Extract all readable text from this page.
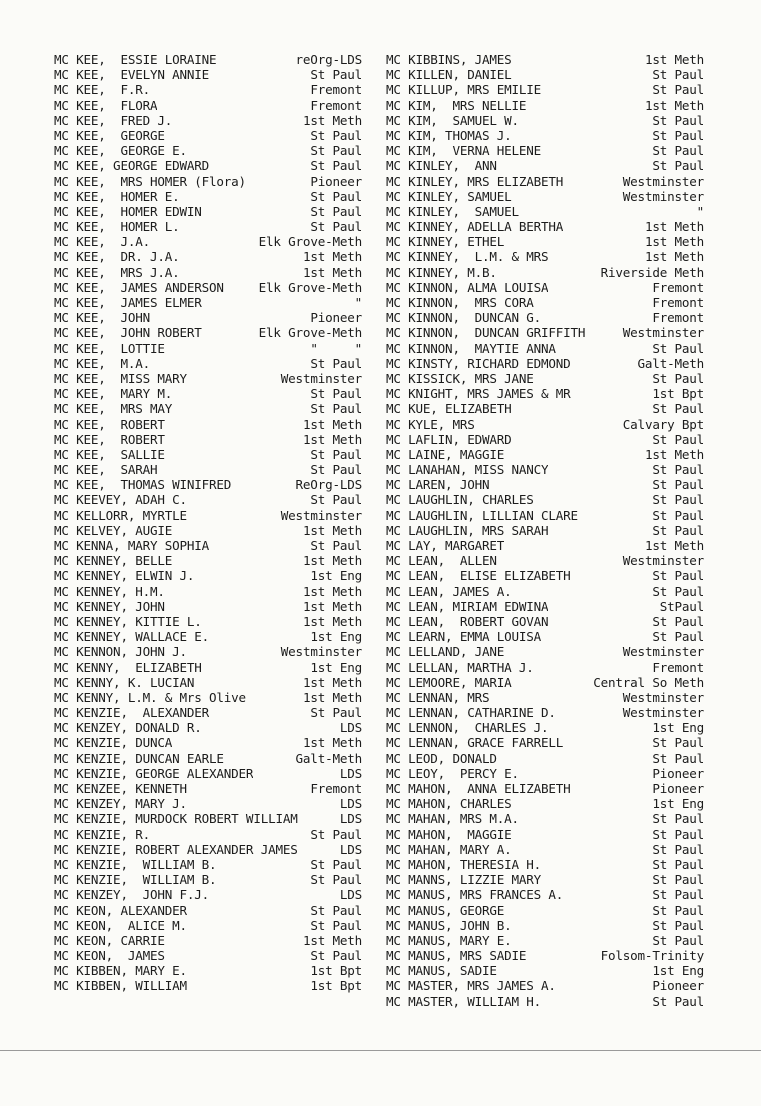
MC KEE,  ESSIE LORAINE	reOrg-LDS
MC KEE,  EVELYN ANNIE	St Paul
MC KEE,  F.R.	Fremont
MC KEE,  FLORA	Fremont
MC KEE,  FRED J.	1st Meth
MC KEE,  GEORGE	St Paul
MC KEE,  GEORGE E.	St Paul
MC KEE, GEORGE EDWARD	St Paul
MC KEE,  MRS HOMER (Flora)	Pioneer
MC KEE,  HOMER E.	St Paul
MC KEE,  HOMER EDWIN	St Paul
MC KEE,  HOMER L.	St Paul
MC KEE,  J.A.	Elk Grove-Meth
MC KEE,  DR. J.A.	1st Meth
MC KEE,  MRS J.A.	1st Meth
MC KEE,  JAMES ANDERSON	Elk Grove-Meth
MC KEE,  JAMES ELMER	"
MC KEE,  JOHN	Pioneer
MC KEE,  JOHN ROBERT	Elk Grove-Meth
MC KEE,  LOTTIE	"     "
MC KEE,  M.A.	St Paul
MC KEE,  MISS MARY	Westminster
MC KEE,  MARY M.	St Paul
MC KEE,  MRS MAY	St Paul
MC KEE,  ROBERT	1st Meth
MC KEE,  ROBERT	1st Meth
MC KEE,  SALLIE	St Paul
MC KEE,  SARAH	St Paul
MC KEE,  THOMAS WINIFRED	ReOrg-LDS
MC KEEVEY, ADAH C.	St Paul
MC KELLORR, MYRTLE	Westminster
MC KELVEY, AUGIE	1st Meth
MC KENNA, MARY SOPHIA	St Paul
MC KENNEY, BELLE	1st Meth
MC KENNEY, ELWIN J.	1st Eng
MC KENNEY, H.M.	1st Meth
MC KENNEY, JOHN	1st Meth
MC KENNEY, KITTIE L.	1st Meth
MC KENNEY, WALLACE E.	1st Eng
MC KENNON, JOHN J.	Westminster
MC KENNY,  ELIZABETH	1st Eng
MC KENNY, K. LUCIAN	1st Meth
MC KENNY, L.M. & Mrs Olive	1st Meth
MC KENZIE,  ALEXANDER	St Paul
MC KENZEY, DONALD R.	LDS
MC KENZIE, DUNCA	1st Meth
MC KENZIE, DUNCAN EARLE	Galt-Meth
MC KENZIE, GEORGE ALEXANDER	LDS
MC KENZEE, KENNETH	Fremont
MC KENZEY, MARY J.	LDS
MC KENZIE, MURDOCK ROBERT WILLIAM	LDS
MC KENZIE, R.	St Paul
MC KENZIE, ROBERT ALEXANDER JAMES	LDS
MC KENZIE,  WILLIAM B.	St Paul
MC KENZIE,  WILLIAM B.	St Paul
MC KENZEY,  JOHN F.J.	LDS
MC KEON, ALEXANDER	St Paul
MC KEON,  ALICE M.	St Paul
MC KEON, CARRIE	1st Meth
MC KEON,  JAMES	St Paul
MC KIBBEN, MARY E.	1st Bpt
MC KIBBEN, WILLIAM	1st Bpt
MC KIBBINS, JAMES	1st Meth
MC KILLEN, DANIEL	St Paul
MC KILLUP, MRS EMILIE	St Paul
MC KIM,  MRS NELLIE	1st Meth
MC KIM,  SAMUEL W.	St Paul
MC KIM, THOMAS J.	St Paul
MC KIM,  VERNA HELENE	St Paul
MC KINLEY,  ANN	St Paul
MC KINLEY, MRS ELIZABETH	Westminster
MC KINLEY, SAMUEL	Westminster
MC KINLEY,  SAMUEL	"
MC KINNEY, ADELLA BERTHA	1st Meth
MC KINNEY, ETHEL	1st Meth
MC KINNEY,  L.M. & MRS	1st Meth
MC KINNEY, M.B.	Riverside Meth
MC KINNON, ALMA LOUISA	Fremont
MC KINNON,  MRS CORA	Fremont
MC KINNON,  DUNCAN G.	Fremont
MC KINNON,  DUNCAN GRIFFITH	Westminster
MC KINNON,  MAYTIE ANNA	St Paul
MC KINSTY, RICHARD EDMOND	Galt-Meth
MC KISSICK, MRS JANE	St Paul
MC KNIGHT, MRS JAMES & MR	1st Bpt
MC KUE, ELIZABETH	St Paul
MC KYLE, MRS	Calvary Bpt
MC LAFLIN, EDWARD	St Paul
MC LAINE, MAGGIE	1st Meth
MC LANAHAN, MISS NANCY	St Paul
MC LAREN, JOHN	St Paul
MC LAUGHLIN, CHARLES	St Paul
MC LAUGHLIN, LILLIAN CLARE	St Paul
MC LAUGHLIN, MRS SARAH	St Paul
MC LAY, MARGARET	1st Meth
MC LEAN,  ALLEN	Westminster
MC LEAN,  ELISE ELIZABETH	St Paul
MC LEAN, JAMES A.	St Paul
MC LEAN, MIRIAM EDWINA	StPaul
MC LEAN,  ROBERT GOVAN	St Paul
MC LEARN, EMMA LOUISA	St Paul
MC LELLAND, JANE	Westminster
MC LELLAN, MARTHA J.	Fremont
MC LEMOORE, MARIA	Central So Meth
MC LENNAN, MRS	Westminster
MC LENNAN, CATHARINE D.	Westminster
MC LENNON,  CHARLES J.	1st Eng
MC LENNAN, GRACE FARRELL	St Paul
MC LEOD, DONALD	St Paul
MC LEOY,  PERCY E.	Pioneer
MC MAHON,  ANNA ELIZABETH	Pioneer
MC MAHON, CHARLES	1st Eng
MC MAHAN, MRS M.A.	St Paul
MC MAHON,  MAGGIE	St Paul
MC MAHAN, MARY A.	St Paul
MC MAHON, THERESIA H.	St Paul
MC MANNS, LIZZIE MARY	St Paul
MC MANUS, MRS FRANCES A.	St Paul
MC MANUS, GEORGE	St Paul
MC MANUS, JOHN B.	St Paul
MC MANUS, MARY E.	St Paul
MC MANUS, MRS SADIE	Folsom-Trinity
MC MANUS, SADIE	1st Eng
MC MASTER, MRS JAMES A.	Pioneer
MC MASTER, WILLIAM H.	St Paul
